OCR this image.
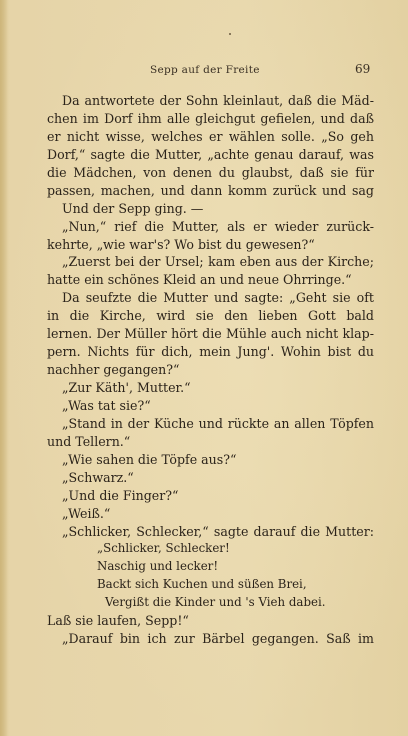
Sepp auf der Freite	69
Da antwortete der Sohn kleinlaut, daß die Mäd-
chen im Dorf ihm alle gleichgut gefielen, und daß
er nicht wisse, welches er wählen solle. „So geh
Dorf,“ sagte die Mutter, „achte genau darauf, was
die Mädchen, von denen du glaubst, daß sie für
passen, machen, und dann komm zurück und sag
Und der Sepp ging. —
„Nun,“ rief die Mutter, als er wieder zurück-
kehrte, „wie war's? Wo bist du gewesen?“
„Zuerst bei der Ursel; kam eben aus der Kirche;
hatte ein schönes Kleid an und neue Ohrringe.“
Da seufzte die Mutter und sagte: „Geht sie oft
in die Kirche, wird sie den lieben Gott bald
lernen. Der Müller hört die Mühle auch nicht klap-
pern. Nichts für dich, mein Jung'. Wohin bist du
nachher gegangen?“
„Zur Käth', Mutter.“
„Was tat sie?“
„Stand in der Küche und rückte an allen Töpfen
und Tellern.“
„Wie sahen die Töpfe aus?“
„Schwarz.“
„Und die Finger?“
„Weiß.“
„Schlicker, Schlecker,“ sagte darauf die Mutter:
„Schlicker, Schlecker!
Naschig und lecker!
Backt sich Kuchen und süßen Brei,
Vergißt die Kinder und 's Vieh dabei.
Laß sie laufen, Sepp!“
„Darauf bin ich zur Bärbel gegangen. Saß im
